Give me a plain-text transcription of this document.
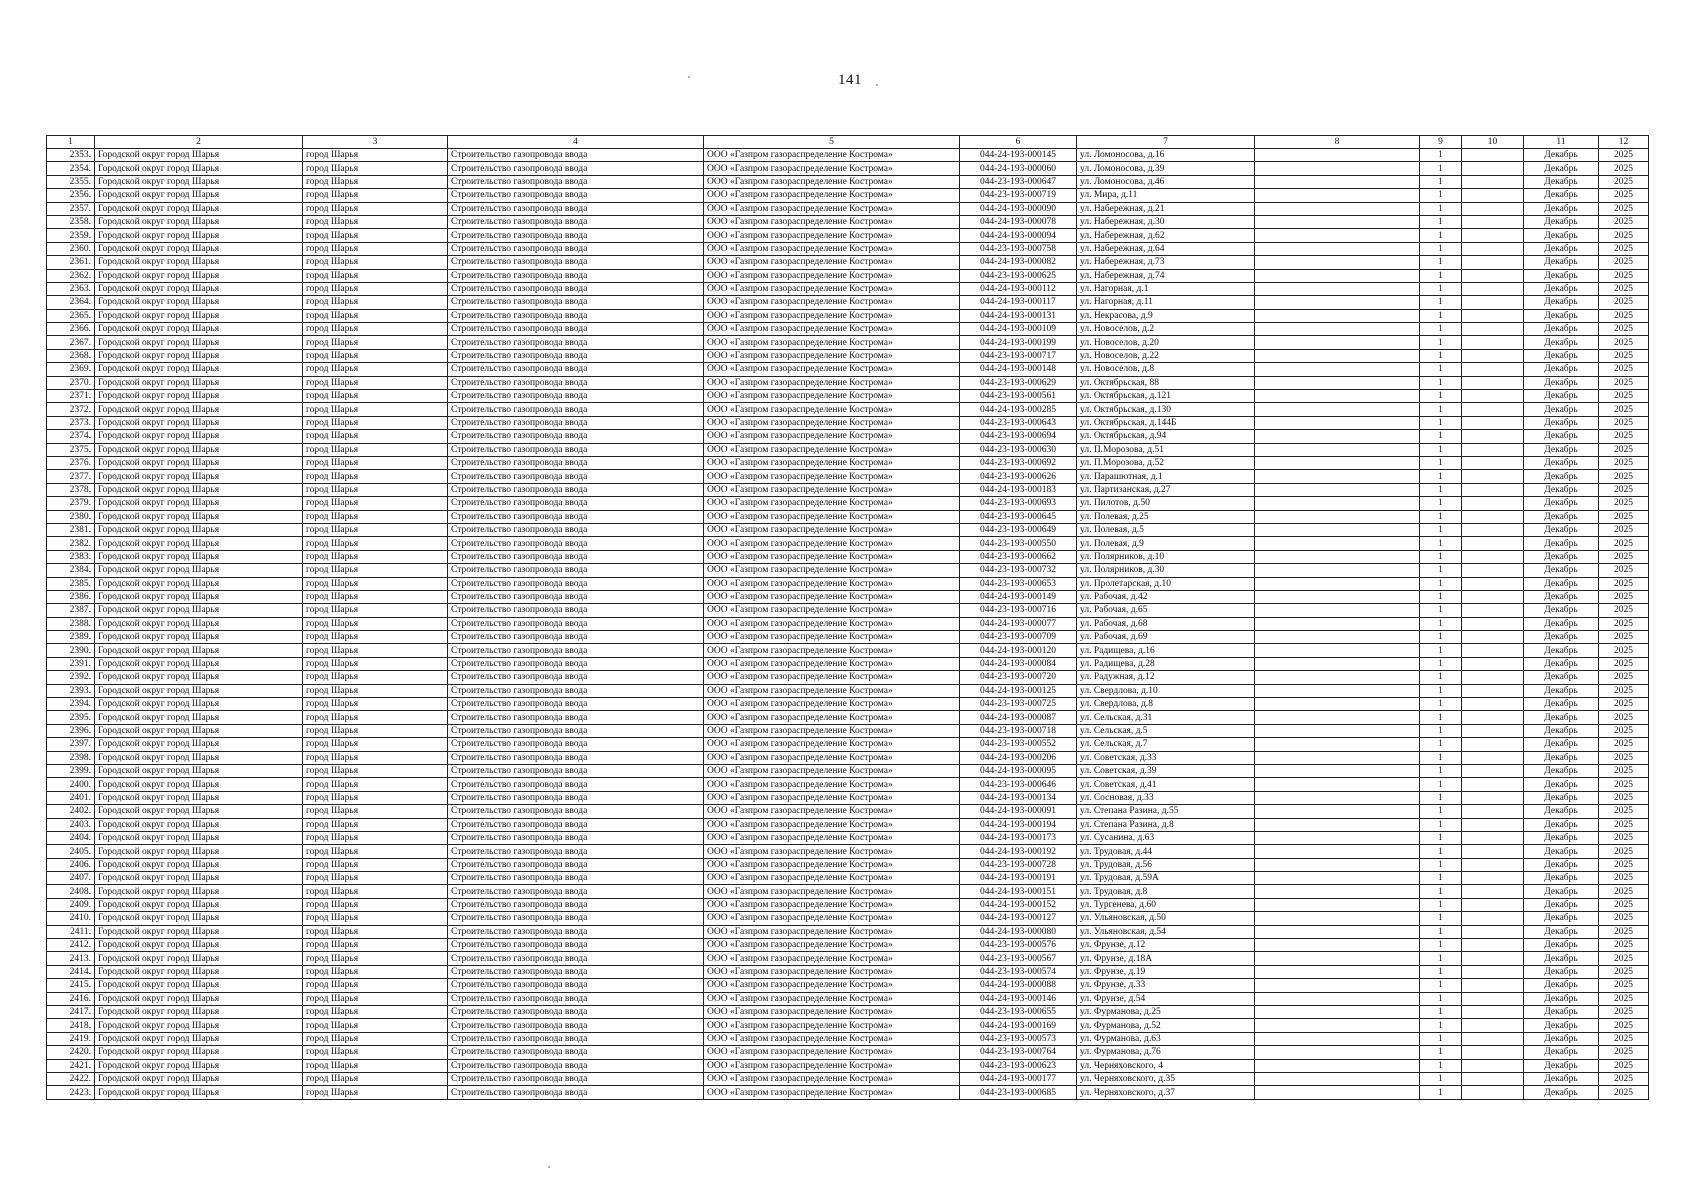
141
1	2	3	4	5	6	7	8	9	10	11	12
2353.	Городской округ город Шарья	город Шарья	Строительство газопровода ввода	ООО «Газпром газораспределение Кострома»	044-24-193-000145	ул. Ломоносова, д.16		1		Декабрь	2025
2354.	Городской округ город Шарья	город Шарья	Строительство газопровода ввода	ООО «Газпром газораспределение Кострома»	044-24-193-000060	ул. Ломоносова, д.39		1		Декабрь	2025
2355.	Городской округ город Шарья	город Шарья	Строительство газопровода ввода	ООО «Газпром газораспределение Кострома»	044-23-193-000647	ул. Ломоносова, д.46		1		Декабрь	2025
2356.	Городской округ город Шарья	город Шарья	Строительство газопровода ввода	ООО «Газпром газораспределение Кострома»	044-23-193-000719	ул. Мира, д.11		1		Декабрь	2025
2357.	Городской округ город Шарья	город Шарья	Строительство газопровода ввода	ООО «Газпром газораспределение Кострома»	044-24-193-000090	ул. Набережная, д.21		1		Декабрь	2025
2358.	Городской округ город Шарья	город Шарья	Строительство газопровода ввода	ООО «Газпром газораспределение Кострома»	044-24-193-000078	ул. Набережная, д.30		1		Декабрь	2025
2359.	Городской округ город Шарья	город Шарья	Строительство газопровода ввода	ООО «Газпром газораспределение Кострома»	044-24-193-000094	ул. Набережная, д.62		1		Декабрь	2025
2360.	Городской округ город Шарья	город Шарья	Строительство газопровода ввода	ООО «Газпром газораспределение Кострома»	044-23-193-000758	ул. Набережная, д.64		1		Декабрь	2025
2361.	Городской округ город Шарья	город Шарья	Строительство газопровода ввода	ООО «Газпром газораспределение Кострома»	044-24-193-000082	ул. Набережная, д.73		1		Декабрь	2025
2362.	Городской округ город Шарья	город Шарья	Строительство газопровода ввода	ООО «Газпром газораспределение Кострома»	044-23-193-000625	ул. Набережная, д.74		1		Декабрь	2025
2363.	Городской округ город Шарья	город Шарья	Строительство газопровода ввода	ООО «Газпром газораспределение Кострома»	044-24-193-000112	ул. Нагорная, д.1		1		Декабрь	2025
2364.	Городской округ город Шарья	город Шарья	Строительство газопровода ввода	ООО «Газпром газораспределение Кострома»	044-24-193-000117	ул. Нагорная, д.11		1		Декабрь	2025
2365.	Городской округ город Шарья	город Шарья	Строительство газопровода ввода	ООО «Газпром газораспределение Кострома»	044-24-193-000131	ул. Некрасова, д.9		1		Декабрь	2025
2366.	Городской округ город Шарья	город Шарья	Строительство газопровода ввода	ООО «Газпром газораспределение Кострома»	044-24-193-000109	ул. Новоселов, д.2		1		Декабрь	2025
2367.	Городской округ город Шарья	город Шарья	Строительство газопровода ввода	ООО «Газпром газораспределение Кострома»	044-24-193-000199	ул. Новоселов, д.20		1		Декабрь	2025
2368.	Городской округ город Шарья	город Шарья	Строительство газопровода ввода	ООО «Газпром газораспределение Кострома»	044-23-193-000717	ул. Новоселов, д.22		1		Декабрь	2025
2369.	Городской округ город Шарья	город Шарья	Строительство газопровода ввода	ООО «Газпром газораспределение Кострома»	044-24-193-000148	ул. Новоселов, д.8		1		Декабрь	2025
2370.	Городской округ город Шарья	город Шарья	Строительство газопровода ввода	ООО «Газпром газораспределение Кострома»	044-23-193-000629	ул. Октябрьская, 88		1		Декабрь	2025
2371.	Городской округ город Шарья	город Шарья	Строительство газопровода ввода	ООО «Газпром газораспределение Кострома»	044-23-193-000561	ул. Октябрьская, д.121		1		Декабрь	2025
2372.	Городской округ город Шарья	город Шарья	Строительство газопровода ввода	ООО «Газпром газораспределение Кострома»	044-24-193-000285	ул. Октябрьская, д.130		1		Декабрь	2025
2373.	Городской округ город Шарья	город Шарья	Строительство газопровода ввода	ООО «Газпром газораспределение Кострома»	044-23-193-000643	ул. Октябрьская, д.144Б		1		Декабрь	2025
2374.	Городской округ город Шарья	город Шарья	Строительство газопровода ввода	ООО «Газпром газораспределение Кострома»	044-23-193-000694	ул. Октябрьская, д.94		1		Декабрь	2025
2375.	Городской округ город Шарья	город Шарья	Строительство газопровода ввода	ООО «Газпром газораспределение Кострома»	044-23-193-000630	ул. П.Морозова, д.51		1		Декабрь	2025
2376.	Городской округ город Шарья	город Шарья	Строительство газопровода ввода	ООО «Газпром газораспределение Кострома»	044-23-193-000692	ул. П.Морозова, д.52		1		Декабрь	2025
2377.	Городской округ город Шарья	город Шарья	Строительство газопровода ввода	ООО «Газпром газораспределение Кострома»	044-23-193-000626	ул. Парашютная, д.1		1		Декабрь	2025
2378.	Городской округ город Шарья	город Шарья	Строительство газопровода ввода	ООО «Газпром газораспределение Кострома»	044-24-193-000183	ул. Партизанская, д.27		1		Декабрь	2025
2379.	Городской округ город Шарья	город Шарья	Строительство газопровода ввода	ООО «Газпром газораспределение Кострома»	044-23-193-000693	ул. Пилотов, д.50		1		Декабрь	2025
2380.	Городской округ город Шарья	город Шарья	Строительство газопровода ввода	ООО «Газпром газораспределение Кострома»	044-23-193-000645	ул. Полевая, д.25		1		Декабрь	2025
2381.	Городской округ город Шарья	город Шарья	Строительство газопровода ввода	ООО «Газпром газораспределение Кострома»	044-23-193-000649	ул. Полевая, д.5		1		Декабрь	2025
2382.	Городской округ город Шарья	город Шарья	Строительство газопровода ввода	ООО «Газпром газораспределение Кострома»	044-23-193-000550	ул. Полевая, д.9		1		Декабрь	2025
2383.	Городской округ город Шарья	город Шарья	Строительство газопровода ввода	ООО «Газпром газораспределение Кострома»	044-23-193-000662	ул. Полярников, д.10		1		Декабрь	2025
2384.	Городской округ город Шарья	город Шарья	Строительство газопровода ввода	ООО «Газпром газораспределение Кострома»	044-23-193-000732	ул. Полярников, д.30		1		Декабрь	2025
2385.	Городской округ город Шарья	город Шарья	Строительство газопровода ввода	ООО «Газпром газораспределение Кострома»	044-23-193-000653	ул. Пролетарская, д.10		1		Декабрь	2025
2386.	Городской округ город Шарья	город Шарья	Строительство газопровода ввода	ООО «Газпром газораспределение Кострома»	044-24-193-000149	ул. Рабочая, д.42		1		Декабрь	2025
2387.	Городской округ город Шарья	город Шарья	Строительство газопровода ввода	ООО «Газпром газораспределение Кострома»	044-23-193-000716	ул. Рабочая, д.65		1		Декабрь	2025
2388.	Городской округ город Шарья	город Шарья	Строительство газопровода ввода	ООО «Газпром газораспределение Кострома»	044-24-193-000077	ул. Рабочая, д.68		1		Декабрь	2025
2389.	Городской округ город Шарья	город Шарья	Строительство газопровода ввода	ООО «Газпром газораспределение Кострома»	044-23-193-000709	ул. Рабочая, д.69		1		Декабрь	2025
2390.	Городской округ город Шарья	город Шарья	Строительство газопровода ввода	ООО «Газпром газораспределение Кострома»	044-24-193-000120	ул. Радищева, д.16		1		Декабрь	2025
2391.	Городской округ город Шарья	город Шарья	Строительство газопровода ввода	ООО «Газпром газораспределение Кострома»	044-24-193-000084	ул. Радищева, д.28		1		Декабрь	2025
2392.	Городской округ город Шарья	город Шарья	Строительство газопровода ввода	ООО «Газпром газораспределение Кострома»	044-23-193-000720	ул. Радужная, д.12		1		Декабрь	2025
2393.	Городской округ город Шарья	город Шарья	Строительство газопровода ввода	ООО «Газпром газораспределение Кострома»	044-24-193-000125	ул. Свердлова, д.10		1		Декабрь	2025
2394.	Городской округ город Шарья	город Шарья	Строительство газопровода ввода	ООО «Газпром газораспределение Кострома»	044-23-193-000725	ул. Свердлова, д.8		1		Декабрь	2025
2395.	Городской округ город Шарья	город Шарья	Строительство газопровода ввода	ООО «Газпром газораспределение Кострома»	044-24-193-000087	ул. Сельская, д.31		1		Декабрь	2025
2396.	Городской округ город Шарья	город Шарья	Строительство газопровода ввода	ООО «Газпром газораспределение Кострома»	044-23-193-000718	ул. Сельская, д.5		1		Декабрь	2025
2397.	Городской округ город Шарья	город Шарья	Строительство газопровода ввода	ООО «Газпром газораспределение Кострома»	044-23-193-000552	ул. Сельская, д.7		1		Декабрь	2025
2398.	Городской округ город Шарья	город Шарья	Строительство газопровода ввода	ООО «Газпром газораспределение Кострома»	044-24-193-000206	ул. Советская, д.33		1		Декабрь	2025
2399.	Городской округ город Шарья	город Шарья	Строительство газопровода ввода	ООО «Газпром газораспределение Кострома»	044-24-193-000095	ул. Советская, д.39		1		Декабрь	2025
2400.	Городской округ город Шарья	город Шарья	Строительство газопровода ввода	ООО «Газпром газораспределение Кострома»	044-23-193-000646	ул. Советская, д.41		1		Декабрь	2025
2401.	Городской округ город Шарья	город Шарья	Строительство газопровода ввода	ООО «Газпром газораспределение Кострома»	044-24-193-000134	ул. Сосновая, д.33		1		Декабрь	2025
2402.	Городской округ город Шарья	город Шарья	Строительство газопровода ввода	ООО «Газпром газораспределение Кострома»	044-24-193-000091	ул. Степана Разина, д.55		1		Декабрь	2025
2403.	Городской округ город Шарья	город Шарья	Строительство газопровода ввода	ООО «Газпром газораспределение Кострома»	044-24-193-000194	ул. Степана Разина, д.8		1		Декабрь	2025
2404.	Городской округ город Шарья	город Шарья	Строительство газопровода ввода	ООО «Газпром газораспределение Кострома»	044-24-193-000173	ул. Сусанина, д.63		1		Декабрь	2025
2405.	Городской округ город Шарья	город Шарья	Строительство газопровода ввода	ООО «Газпром газораспределение Кострома»	044-24-193-000192	ул. Трудовая, д.44		1		Декабрь	2025
2406.	Городской округ город Шарья	город Шарья	Строительство газопровода ввода	ООО «Газпром газораспределение Кострома»	044-23-193-000728	ул. Трудовая, д.56		1		Декабрь	2025
2407.	Городской округ город Шарья	город Шарья	Строительство газопровода ввода	ООО «Газпром газораспределение Кострома»	044-24-193-000191	ул. Трудовая, д.59А		1		Декабрь	2025
2408.	Городской округ город Шарья	город Шарья	Строительство газопровода ввода	ООО «Газпром газораспределение Кострома»	044-24-193-000151	ул. Трудовая, д.8		1		Декабрь	2025
2409.	Городской округ город Шарья	город Шарья	Строительство газопровода ввода	ООО «Газпром газораспределение Кострома»	044-24-193-000152	ул. Тургенева, д.60		1		Декабрь	2025
2410.	Городской округ город Шарья	город Шарья	Строительство газопровода ввода	ООО «Газпром газораспределение Кострома»	044-24-193-000127	ул. Ульяновская, д.50		1		Декабрь	2025
2411.	Городской округ город Шарья	город Шарья	Строительство газопровода ввода	ООО «Газпром газораспределение Кострома»	044-24-193-000080	ул. Ульяновская, д.54		1		Декабрь	2025
2412.	Городской округ город Шарья	город Шарья	Строительство газопровода ввода	ООО «Газпром газораспределение Кострома»	044-23-193-000576	ул. Фрунзе, д.12		1		Декабрь	2025
2413.	Городской округ город Шарья	город Шарья	Строительство газопровода ввода	ООО «Газпром газораспределение Кострома»	044-23-193-000567	ул. Фрунзе, д.18А		1		Декабрь	2025
2414.	Городской округ город Шарья	город Шарья	Строительство газопровода ввода	ООО «Газпром газораспределение Кострома»	044-23-193-000574	ул. Фрунзе, д.19		1		Декабрь	2025
2415.	Городской округ город Шарья	город Шарья	Строительство газопровода ввода	ООО «Газпром газораспределение Кострома»	044-24-193-000088	ул. Фрунзе, д.33		1		Декабрь	2025
2416.	Городской округ город Шарья	город Шарья	Строительство газопровода ввода	ООО «Газпром газораспределение Кострома»	044-24-193-000146	ул. Фрунзе, д.54		1		Декабрь	2025
2417.	Городской округ город Шарья	город Шарья	Строительство газопровода ввода	ООО «Газпром газораспределение Кострома»	044-23-193-000655	ул. Фурманова, д.25		1		Декабрь	2025
2418.	Городской округ город Шарья	город Шарья	Строительство газопровода ввода	ООО «Газпром газораспределение Кострома»	044-24-193-000169	ул. Фурманова, д.52		1		Декабрь	2025
2419.	Городской округ город Шарья	город Шарья	Строительство газопровода ввода	ООО «Газпром газораспределение Кострома»	044-23-193-000573	ул. Фурманова, д.63		1		Декабрь	2025
2420.	Городской округ город Шарья	город Шарья	Строительство газопровода ввода	ООО «Газпром газораспределение Кострома»	044-23-193-000764	ул. Фурманова, д.76		1		Декабрь	2025
2421.	Городской округ город Шарья	город Шарья	Строительство газопровода ввода	ООО «Газпром газораспределение Кострома»	044-23-193-000623	ул. Черняховского, 4		1		Декабрь	2025
2422.	Городской округ город Шарья	город Шарья	Строительство газопровода ввода	ООО «Газпром газораспределение Кострома»	044-24-193-000177	ул. Черняховского, д.35		1		Декабрь	2025
2423.	Городской округ город Шарья	город Шарья	Строительство газопровода ввода	ООО «Газпром газораспределение Кострома»	044-23-193-000685	ул. Черняховского, д.37		1		Декабрь	2025
